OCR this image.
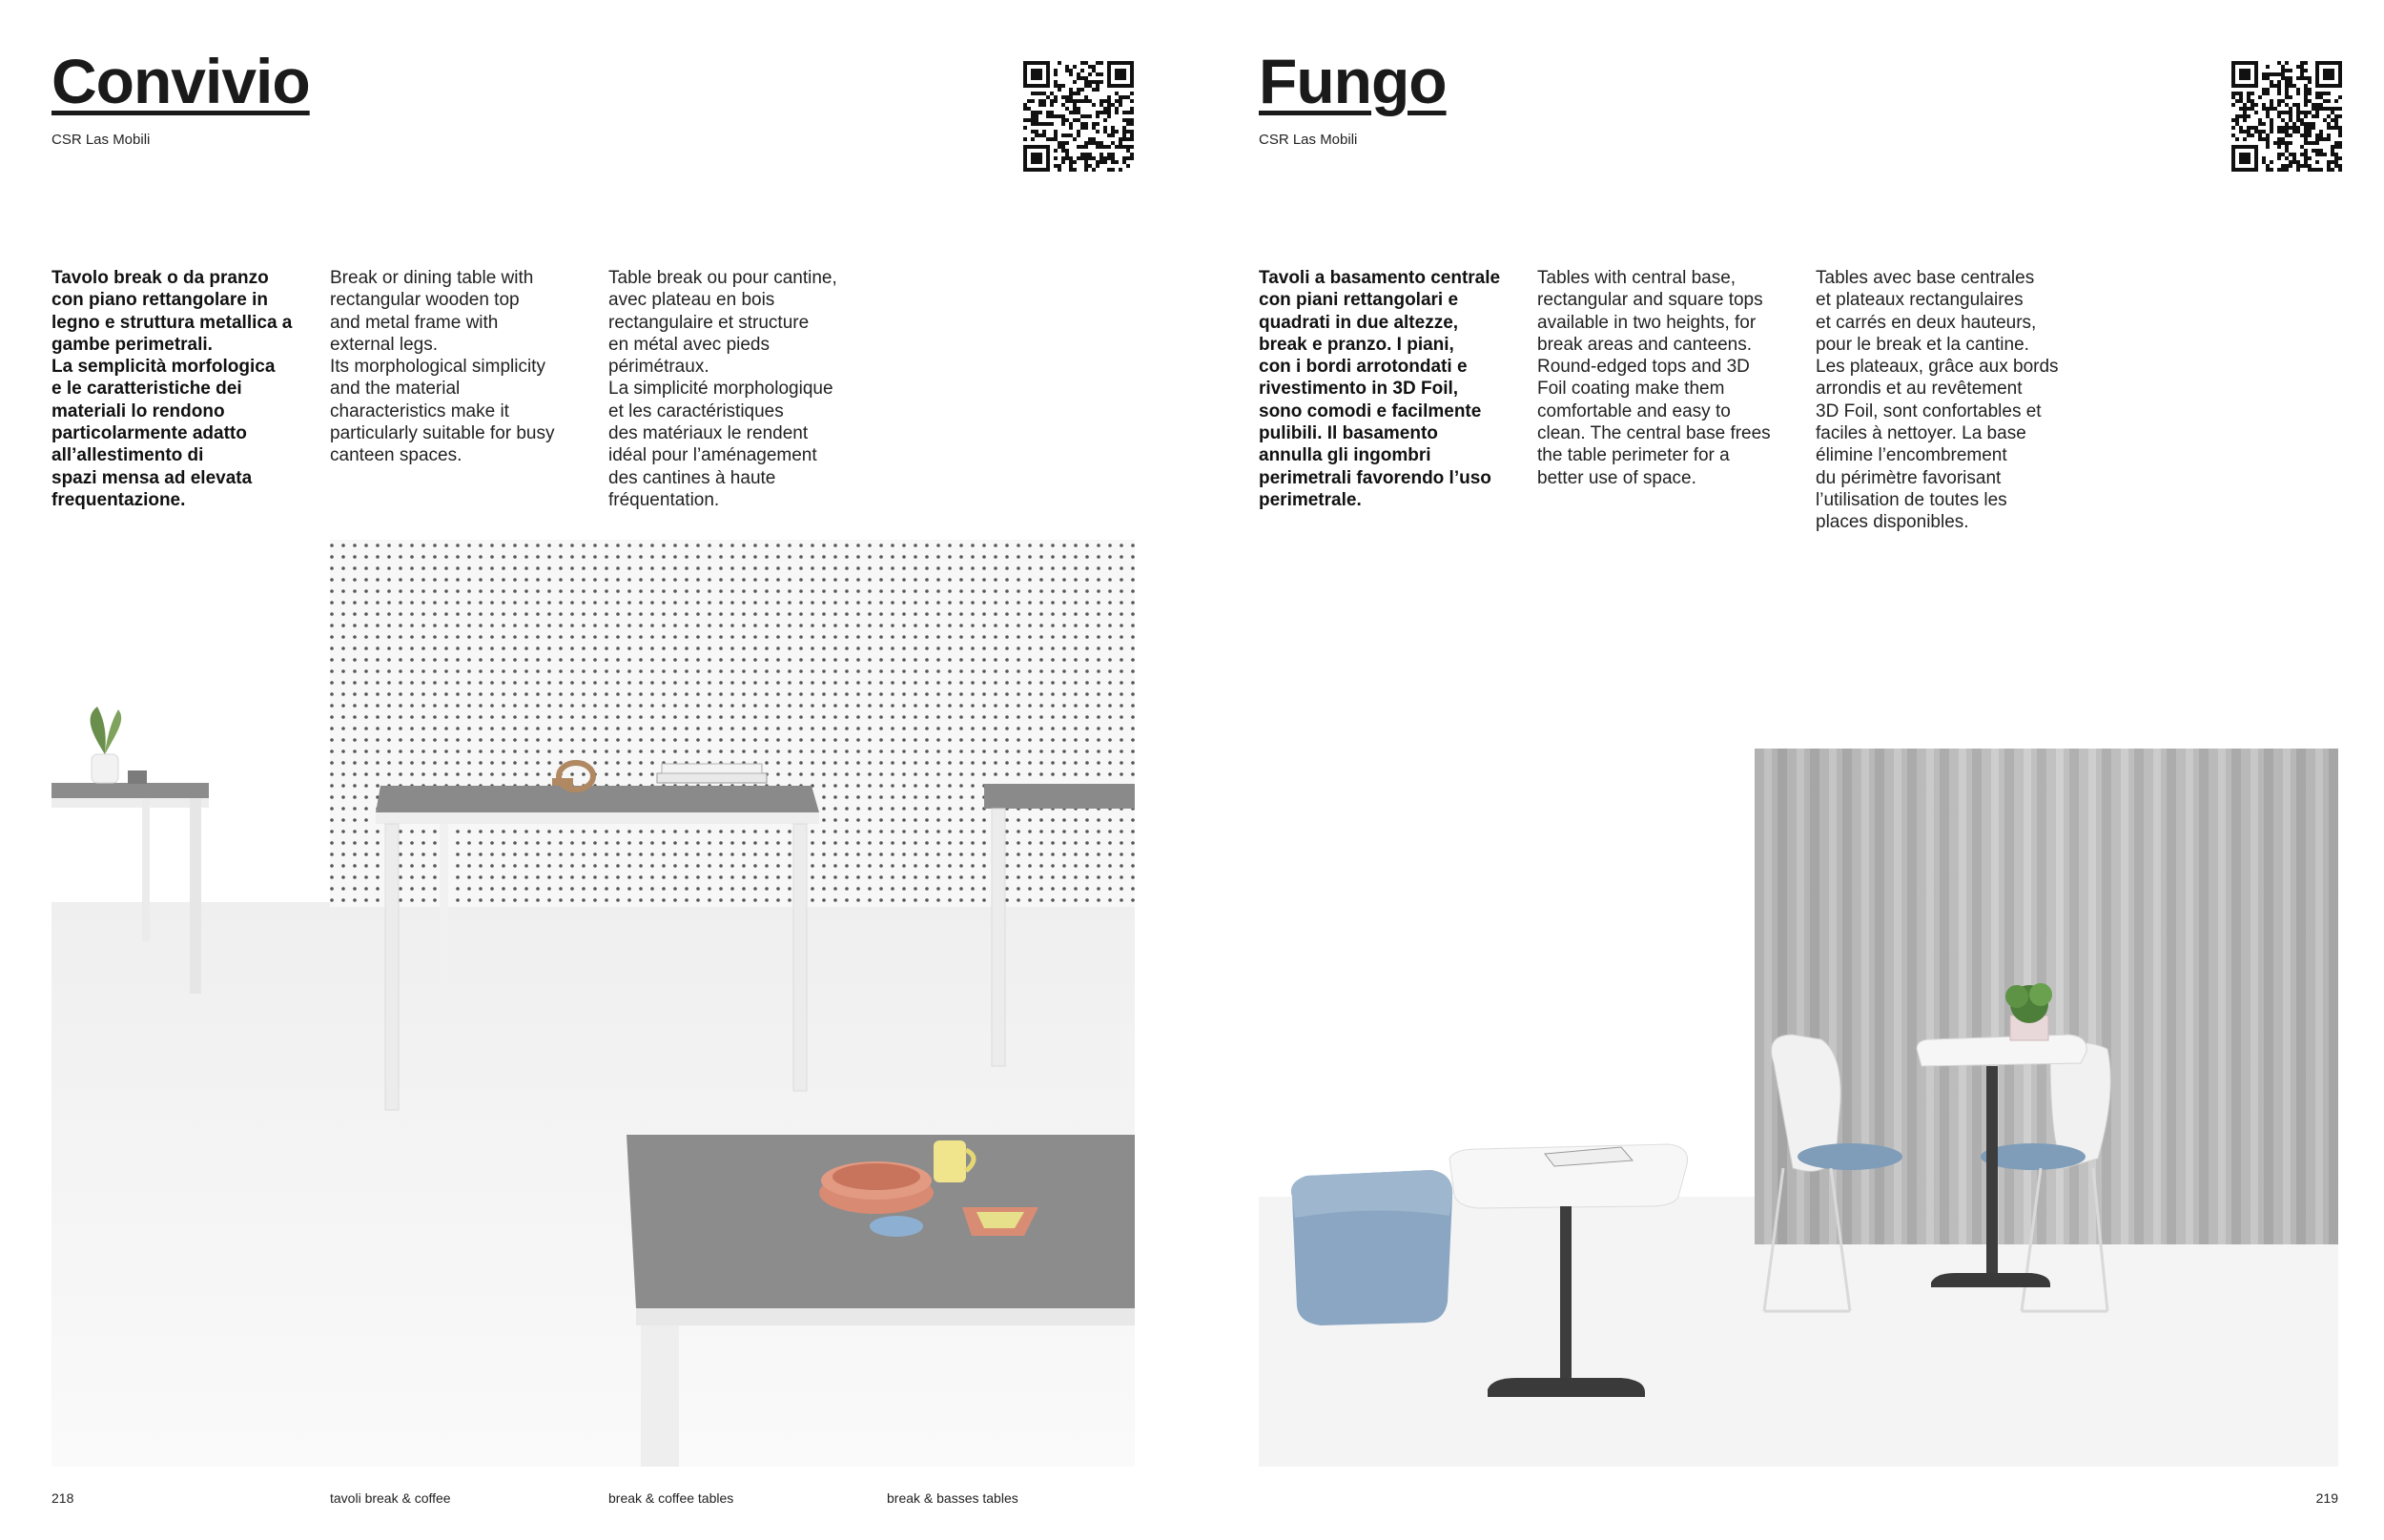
Convivio
CSR Las Mobili
Tavolo break o da pranzo
con piano rettangolare in
legno e struttura metallica a
gambe perimetrali.
La semplicità morfologica
e le caratteristiche dei
materiali lo rendono
particolarmente adatto
all’allestimento di
spazi mensa ad elevata
frequentazione.
Break or dining table with
rectangular wooden top
and metal frame with
external legs.
Its morphological simplicity
and the material
characteristics make it
particularly suitable for busy
canteen spaces.
Table break ou pour cantine,
avec plateau en bois
rectangulaire et structure
en métal avec pieds
périmétraux.
La simplicité morphologique
et les caractéristiques
des matériaux le rendent
idéal pour l’aménagement
des cantines à haute
fréquentation.
Fungo
CSR Las Mobili
Tavoli a basamento centrale
con piani rettangolari e
quadrati in due altezze,
break e pranzo. I piani,
con i bordi arrotondati e
rivestimento in 3D Foil,
sono comodi e facilmente
pulibili. Il basamento
annulla gli ingombri
perimetrali favorendo l’uso
perimetrale.
Tables with central base,
rectangular and square tops
available in two heights, for
break areas and canteens.
Round-edged tops and 3D
Foil coating make them
comfortable and easy to
clean. The central base frees
the table perimeter for a
better use of space.
Tables avec base centrales
et plateaux rectangulaires
et carrés en deux hauteurs,
pour le break et la cantine.
Les plateaux, grâce aux bords
arrondis et au revêtement
3D Foil, sont confortables et
faciles à nettoyer. La base
élimine l’encombrement
du périmètre favorisant
l’utilisation de toutes les
places disponibles.
218	tavoli break & coffee	break & coffee tables	break & basses tables	219
